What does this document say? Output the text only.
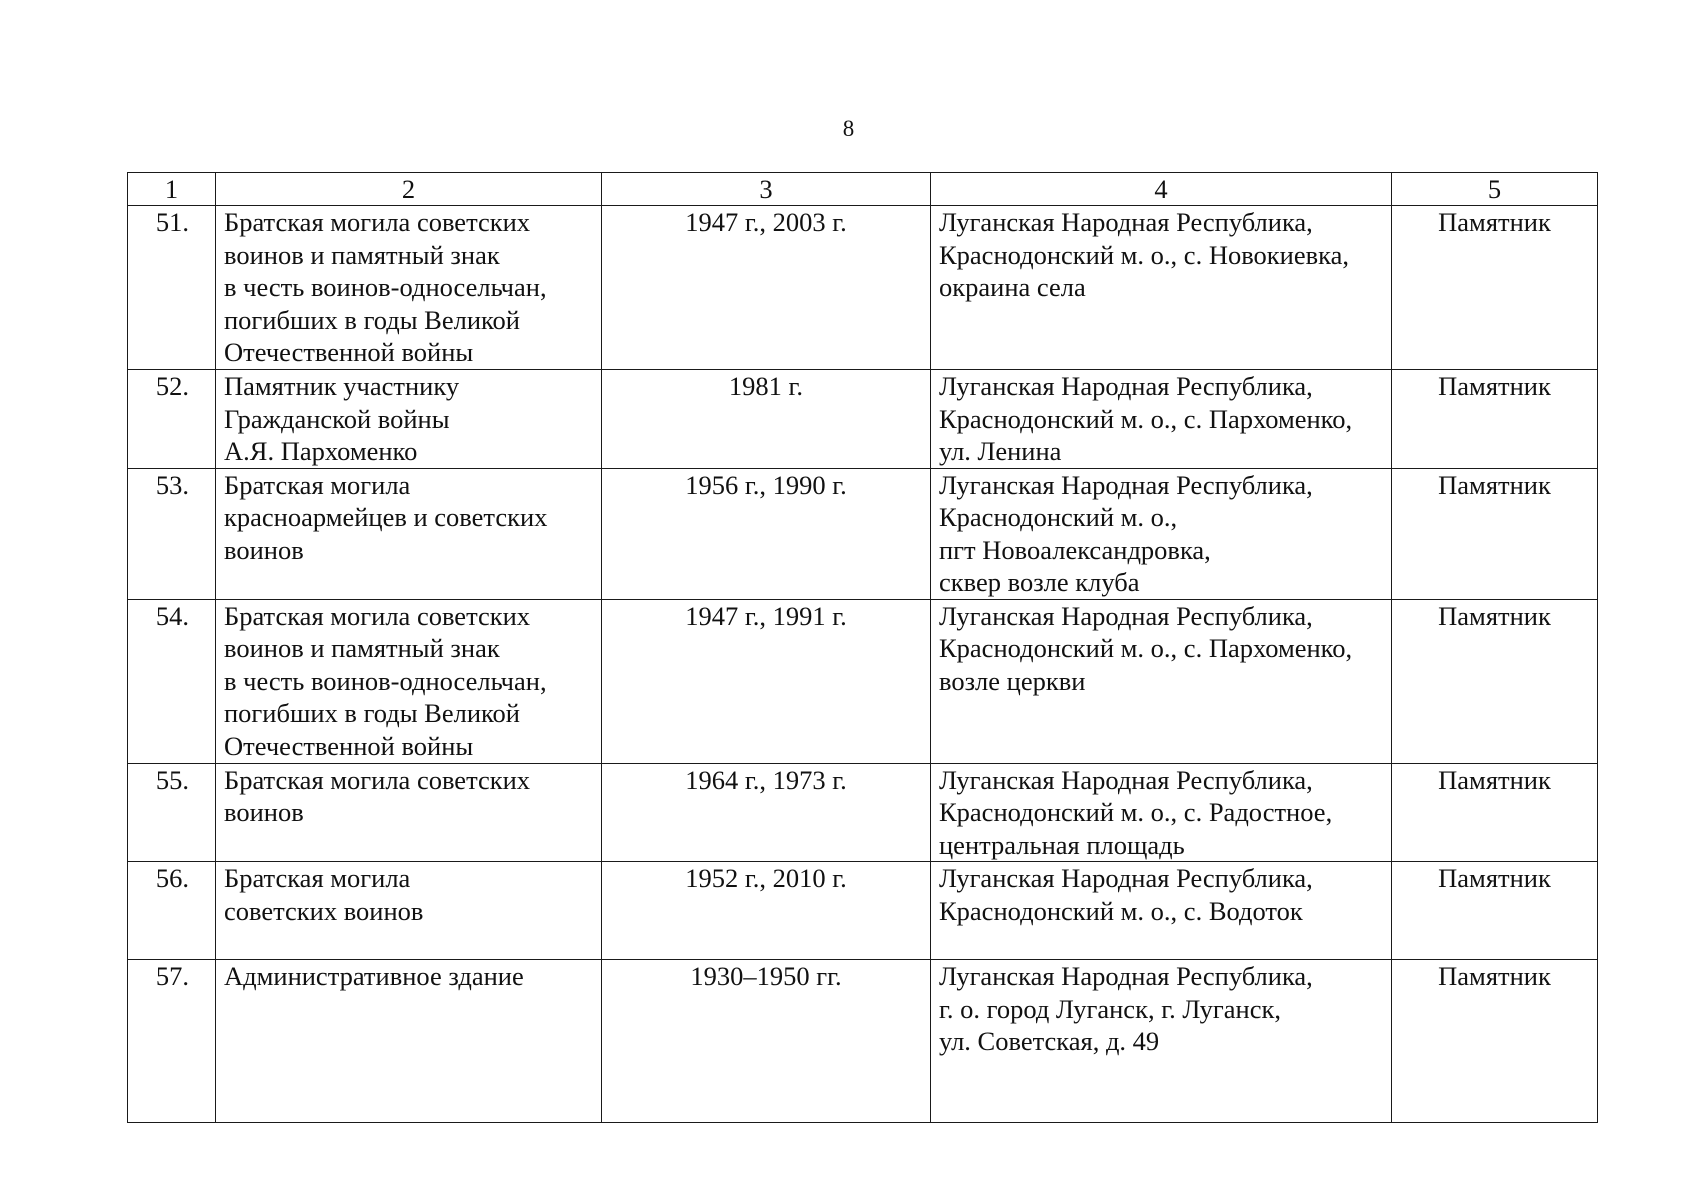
8
1	2	3	4	5
51.	Братская могила советских
воинов и памятный знак
в честь воинов-односельчан,
погибших в годы Великой
Отечественной войны	1947 г., 2003 г.	Луганская Народная Республика,
Краснодонский м. о., с. Новокиевка,
окраина села	Памятник
52.	Памятник участнику
Гражданской войны
А.Я. Пархоменко	1981 г.	Луганская Народная Республика,
Краснодонский м. о., с. Пархоменко,
ул. Ленина	Памятник
53.	Братская могила
красноармейцев и советских
воинов	1956 г., 1990 г.	Луганская Народная Республика,
Краснодонский м. о.,
пгт Новоалександровка,
сквер возле клуба	Памятник
54.	Братская могила советских
воинов и памятный знак
в честь воинов-односельчан,
погибших в годы Великой
Отечественной войны	1947 г., 1991 г.	Луганская Народная Республика,
Краснодонский м. о., с. Пархоменко,
возле церкви	Памятник
55.	Братская могила советских
воинов	1964 г., 1973 г.	Луганская Народная Республика,
Краснодонский м. о., с. Радостное,
центральная площадь	Памятник
56.	Братская могила
советских воинов	1952 г., 2010 г.	Луганская Народная Республика,
Краснодонский м. о., с. Водоток	Памятник
57.	Административное здание	1930–1950 гг.	Луганская Народная Республика,
г. о. город Луганск, г. Луганск,
ул. Советская, д. 49	Памятник
